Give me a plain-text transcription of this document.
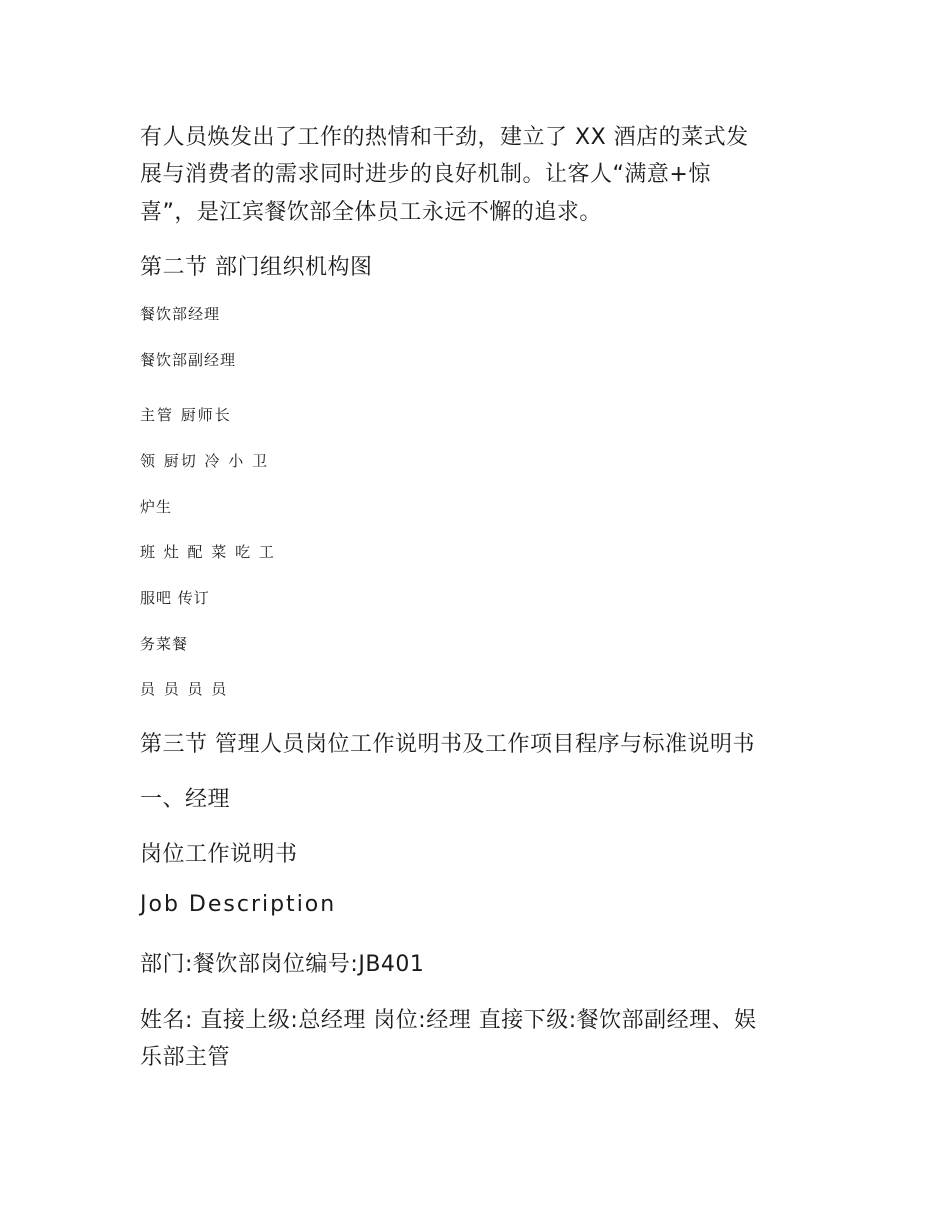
有人员焕发出了工作的热情和干劲，建立了 XX 酒店的菜式发

展与消费者的需求同时进步的良好机制。让客人“满意+惊

喜”，是江宾餐饮部全体员工永远不懈的追求。

第二节 部门组织机构图

餐饮部经理

餐饮部副经理

主管 厨师长

领 厨切 冷 小 卫

炉生

班 灶 配 菜 吃 工

服吧 传订

务菜餐

员 员 员 员

第三节 管理人员岗位工作说明书及工作项目程序与标准说明书

一、经理

岗位工作说明书

Job Description

部门:餐饮部岗位编号:JB401

姓名: 直接上级:总经理 岗位:经理 直接下级:餐饮部副经理、娱

乐部主管
